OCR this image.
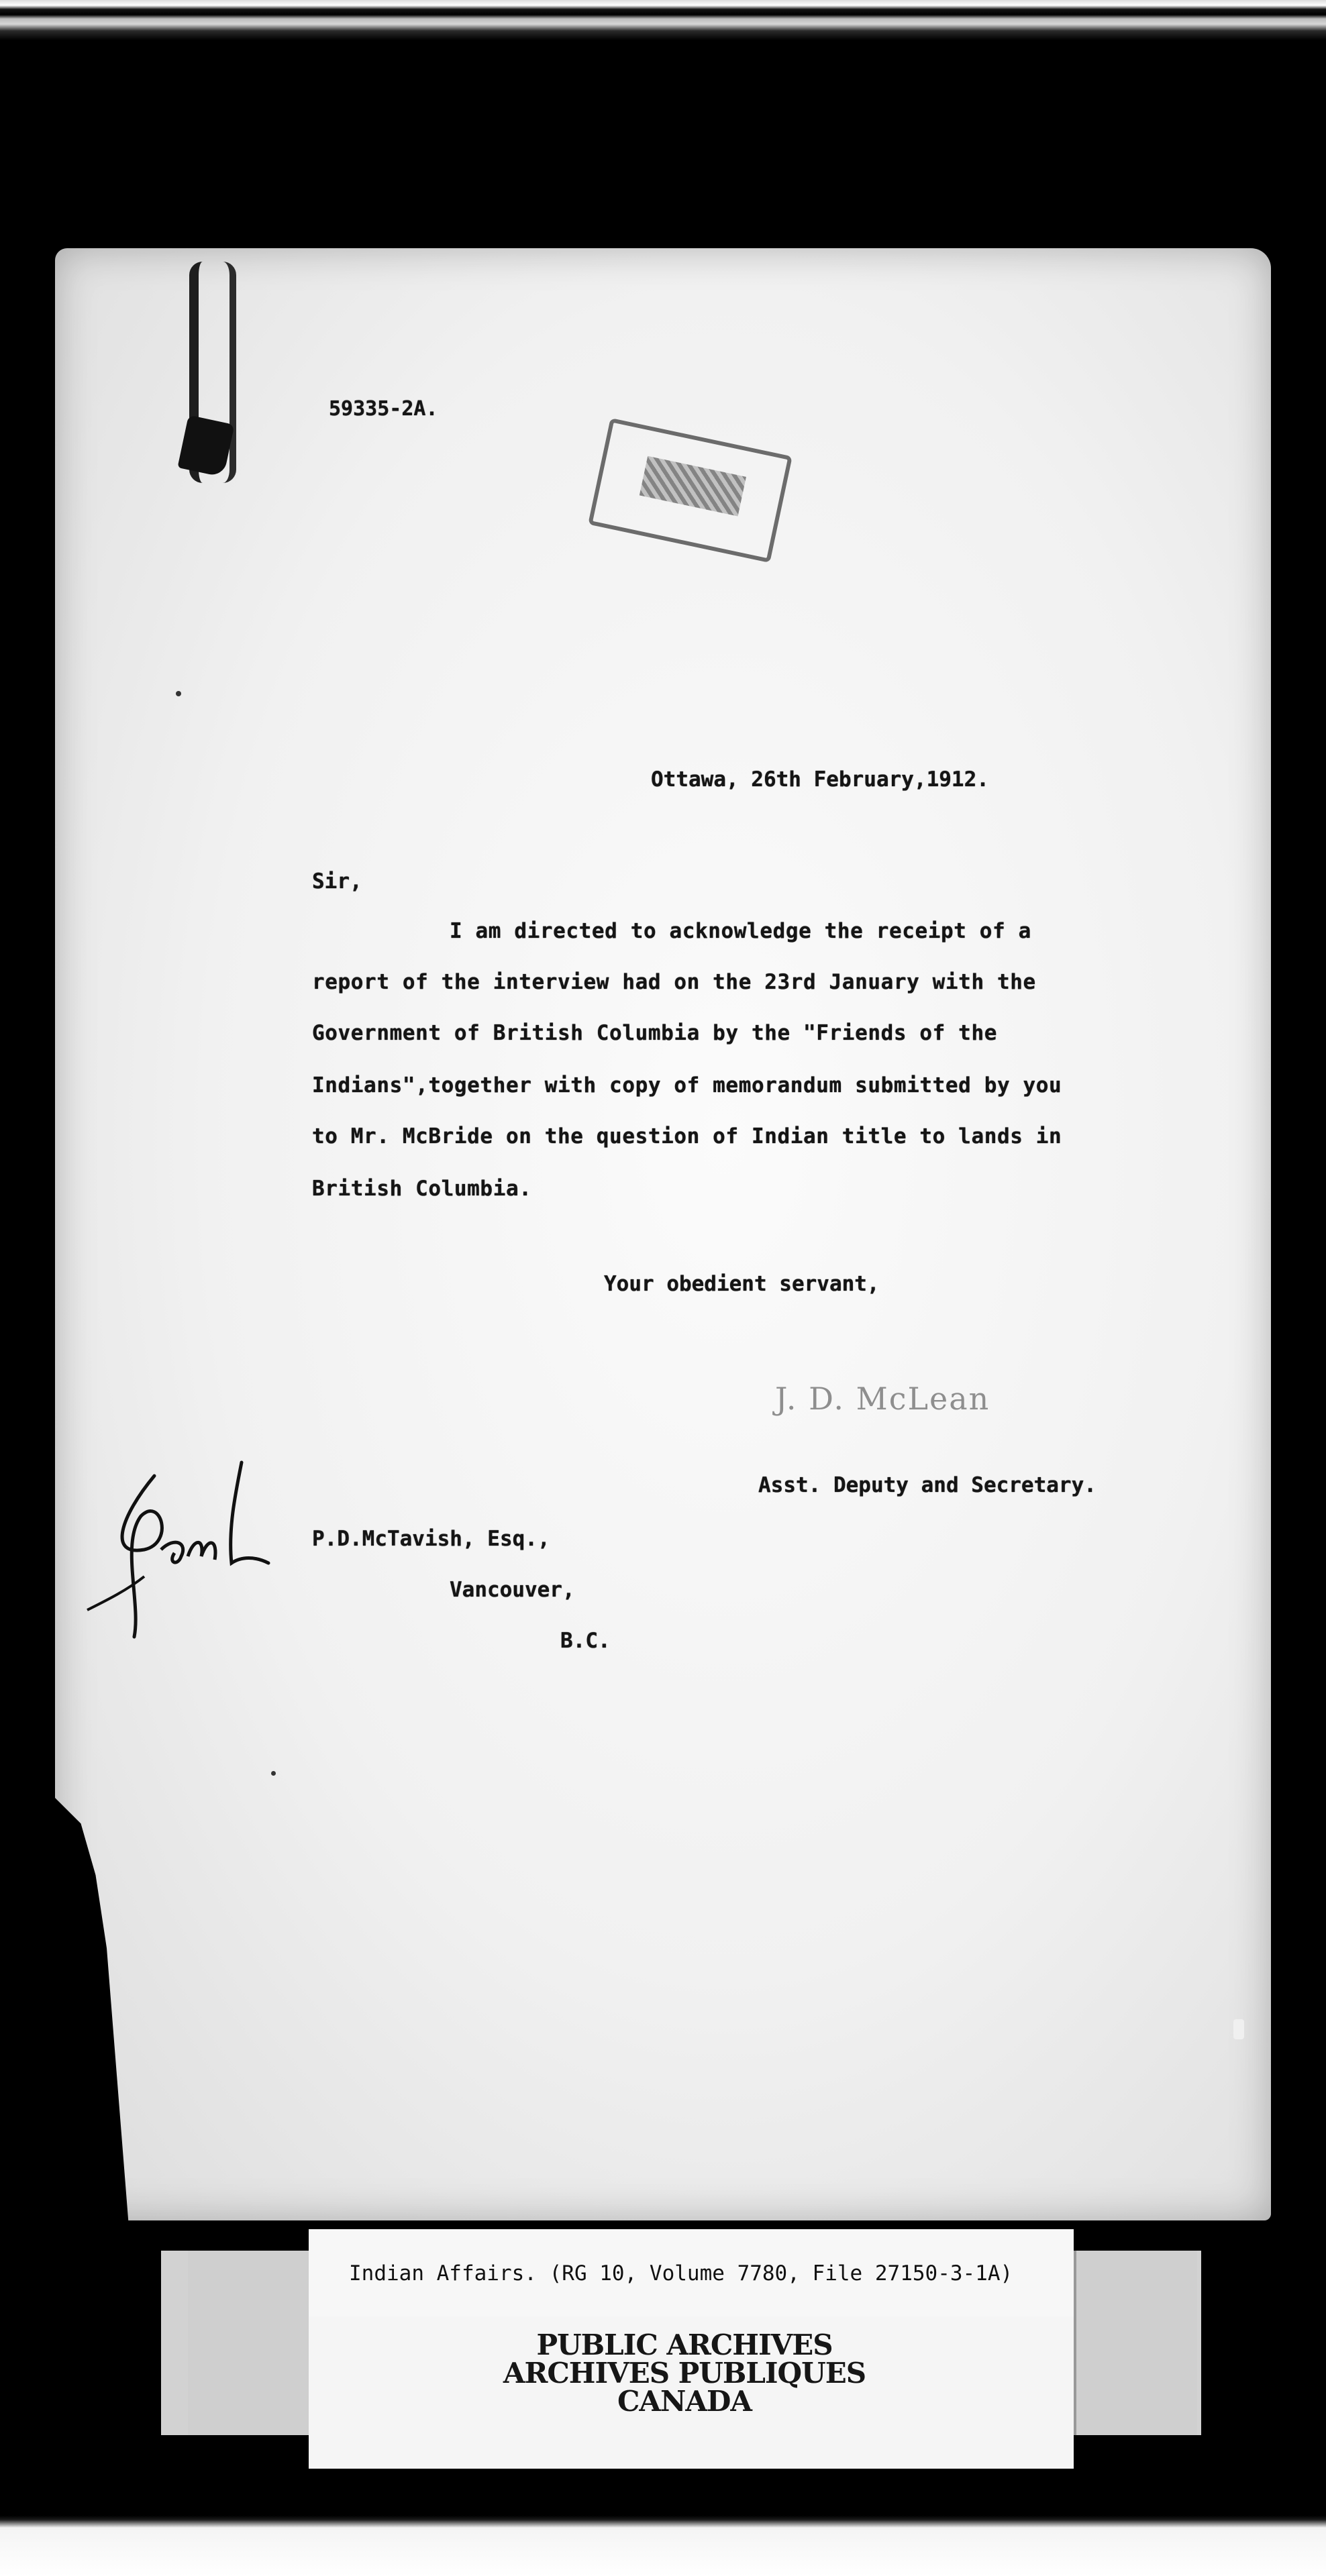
59335-2A.
Ottawa, 26th February,1912.
Sir,
I am directed to acknowledge the receipt of a
report of the interview had on the 23rd January with the
Government of British Columbia by the "Friends of the
Indians",together with copy of memorandum submitted by you
to Mr. McBride on the question of Indian title to lands in
British Columbia.
Your obedient servant,
J. D. McLean
Asst. Deputy and Secretary.
P.D.McTavish, Esq.,
Vancouver,
B.C.
Indian Affairs. (RG 10, Volume 7780, File 27150-3-1A)
PUBLIC ARCHIVES
ARCHIVES PUBLIQUES
CANADA
